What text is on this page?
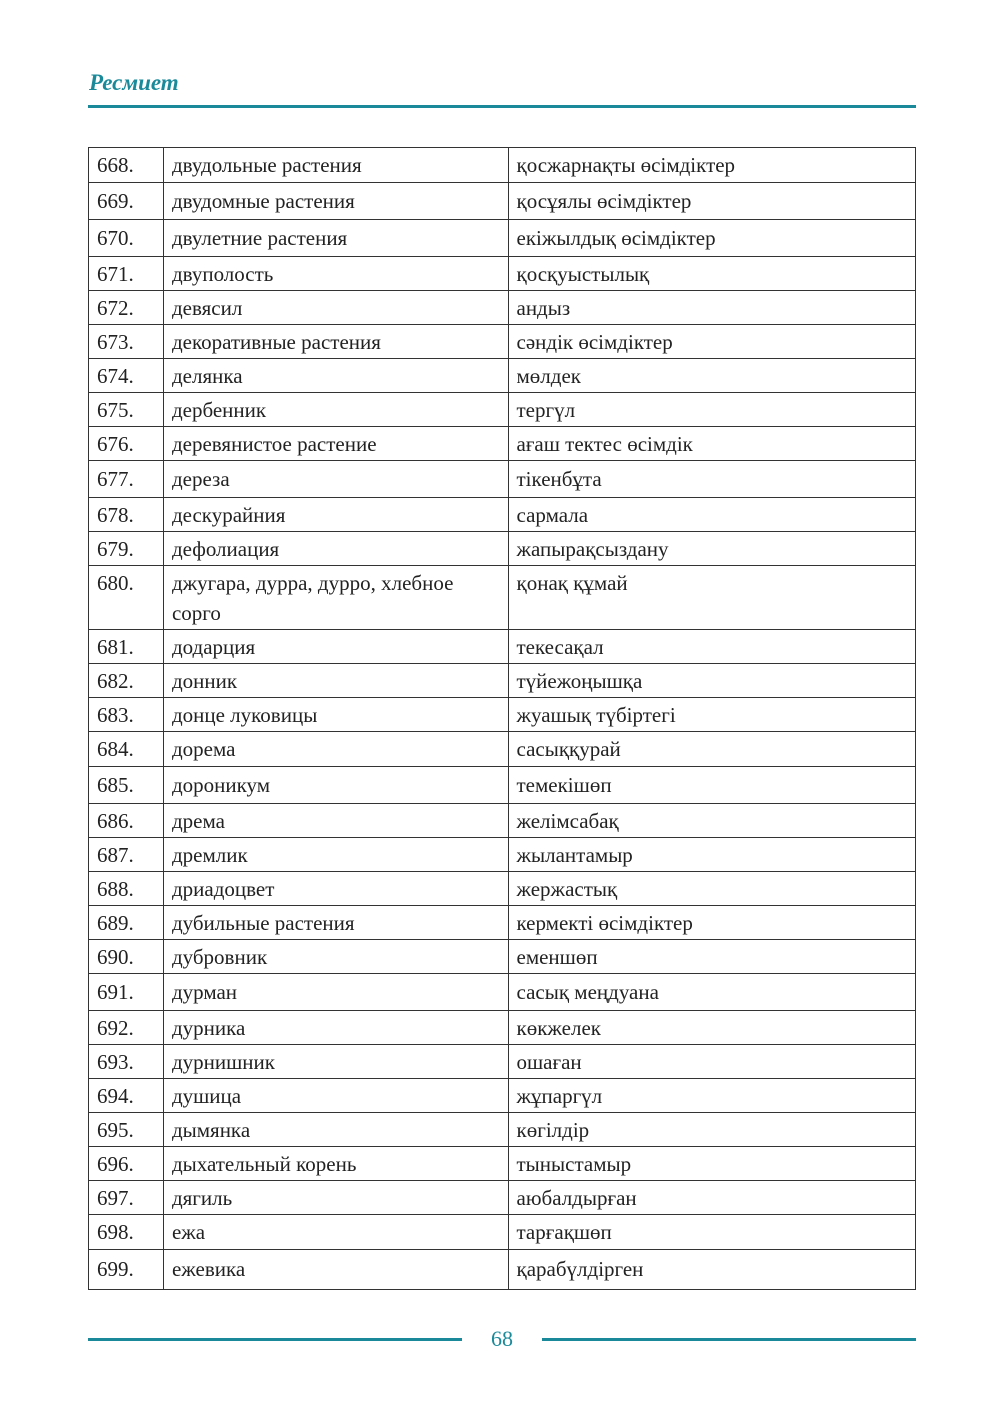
Ресмиет
668.	двудольные растения	қосжарнақты өсімдіктер
669.	двудомные растения	қосұялы өсімдіктер
670.	двулетние растения	екіжылдық өсімдіктер
671.	двуполость	қосқуыстылық
672.	девясил	андыз
673.	декоративные растения	сәндік өсімдіктер
674.	делянка	мөлдек
675.	дербенник	тергүл
676.	деревянистое растение	ағаш тектес өсімдік
677.	дереза	тікенбұта
678.	дескурайния	сармала
679.	дефолиация	жапырақсыздану
680.	джугара, дурра, дурро, хлебное сорго	қонақ құмай
681.	додарция	текесақал
682.	донник	түйежоңышқа
683.	донце луковицы	жуашық түбіртегі
684.	дорема	сасыққурай
685.	дороникум	темекішөп
686.	дрема	желімсабақ
687.	дремлик	жылантамыр
688.	дриадоцвет	жержастық
689.	дубильные растения	кермекті өсімдіктер
690.	дубровник	еменшөп
691.	дурман	сасық меңдуана
692.	дурника	көкжелек
693.	дурнишник	ошаған
694.	душица	жұпаргүл
695.	дымянка	көгілдір
696.	дыхательный корень	тыныстамыр
697.	дягиль	аюбалдырған
698.	ежа	тарғақшөп
699.	ежевика	қарабүлдірген
68
